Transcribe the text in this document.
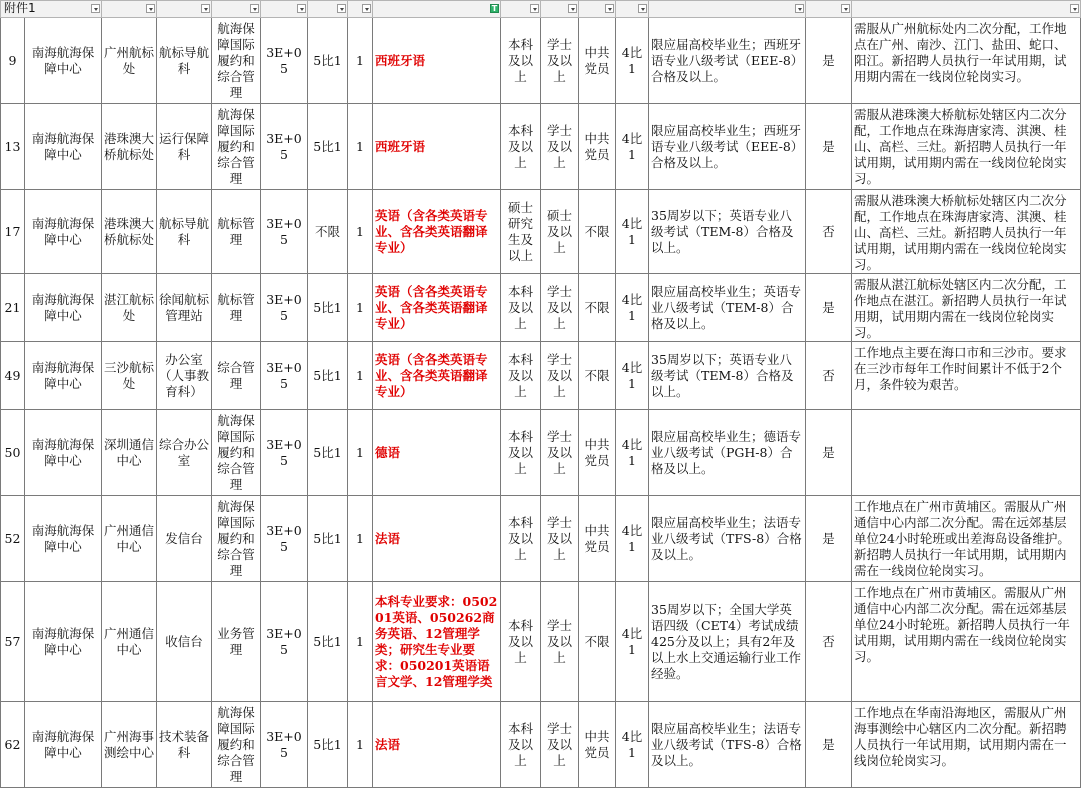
附件1								T							

9	南海航海保障中心	广州航标处	航标导航科	航海保障国际履约和综合管理	3E+05	5比1	1	西班牙语	本科及以上	学士及以上	中共党员	4比1	限应届高校毕业生；西班牙语专业八级考试（EEE-8）合格及以上。	是	需服从广州航标处内二次分配，工作地点在广州、南沙、江门、盐田、蛇口、阳江。新招聘人员执行一年试用期，试用期内需在一线岗位轮岗实习。
13	南海航海保障中心	港珠澳大桥航标处	运行保障科	航海保障国际履约和综合管理	3E+05	5比1	1	西班牙语	本科及以上	学士及以上	中共党员	4比1	限应届高校毕业生；西班牙语专业八级考试（EEE-8）合格及以上。	是	需服从港珠澳大桥航标处辖区内二次分配，工作地点在珠海唐家湾、淇澳、桂山、高栏、三灶。新招聘人员执行一年试用期，试用期内需在一线岗位轮岗实习。
17	南海航海保障中心	港珠澳大桥航标处	航标导航科	航标管理	3E+05	不限	1	英语（含各类英语专业、含各类英语翻译专业）	硕士研究生及以上	硕士及以上	不限	4比1	35周岁以下；英语专业八级考试（TEM-8）合格及以上。	否	需服从港珠澳大桥航标处辖区内二次分配，工作地点在珠海唐家湾、淇澳、桂山、高栏、三灶。新招聘人员执行一年试用期，试用期内需在一线岗位轮岗实习。
21	南海航海保障中心	湛江航标处	徐闻航标管理站	航标管理	3E+05	5比1	1	英语（含各类英语专业、含各类英语翻译专业）	本科及以上	学士及以上	不限	4比1	限应届高校毕业生；英语专业八级考试（TEM-8）合格及以上。	是	需服从湛江航标处辖区内二次分配，工作地点在湛江。新招聘人员执行一年试用期，试用期内需在一线岗位轮岗实习。
49	南海航海保障中心	三沙航标处	办公室（人事教育科）	综合管理	3E+05	5比1	1	英语（含各类英语专业、含各类英语翻译专业）	本科及以上	学士及以上	不限	4比1	35周岁以下；英语专业八级考试（TEM-8）合格及以上。	否	工作地点主要在海口市和三沙市。要求在三沙市每年工作时间累计不低于2个月，条件较为艰苦。
50	南海航海保障中心	深圳通信中心	综合办公室	航海保障国际履约和综合管理	3E+05	5比1	1	德语	本科及以上	学士及以上	中共党员	4比1	限应届高校毕业生；德语专业八级考试（PGH-8）合格及以上。	是	
52	南海航海保障中心	广州通信中心	发信台	航海保障国际履约和综合管理	3E+05	5比1	1	法语	本科及以上	学士及以上	中共党员	4比1	限应届高校毕业生；法语专业八级考试（TFS-8）合格及以上。	是	工作地点在广州市黄埔区。需服从广州通信中心内部二次分配。需在远郊基层单位24小时轮班或出差海岛设备维护。新招聘人员执行一年试用期，试用期内需在一线岗位轮岗实习。
57	南海航海保障中心	广州通信中心	收信台	业务管理	3E+05	5比1	1	本科专业要求：050201英语、050262商务英语、12管理学类；研究生专业要求：050201英语语言文学、12管理学类	本科及以上	学士及以上	不限	4比1	35周岁以下；全国大学英语四级（CET4）考试成绩425分及以上；具有2年及以上水上交通运输行业工作经验。	否	工作地点在广州市黄埔区。需服从广州通信中心内部二次分配。需在远郊基层单位24小时轮班。新招聘人员执行一年试用期，试用期内需在一线岗位轮岗实习。
62	南海航海保障中心	广州海事测绘中心	技术装备科	航海保障国际履约和综合管理	3E+05	5比1	1	法语	本科及以上	学士及以上	中共党员	4比1	限应届高校毕业生；法语专业八级考试（TFS-8）合格及以上。	是	工作地点在华南沿海地区，需服从广州海事测绘中心辖区内二次分配。新招聘人员执行一年试用期，试用期内需在一线岗位轮岗实习。
